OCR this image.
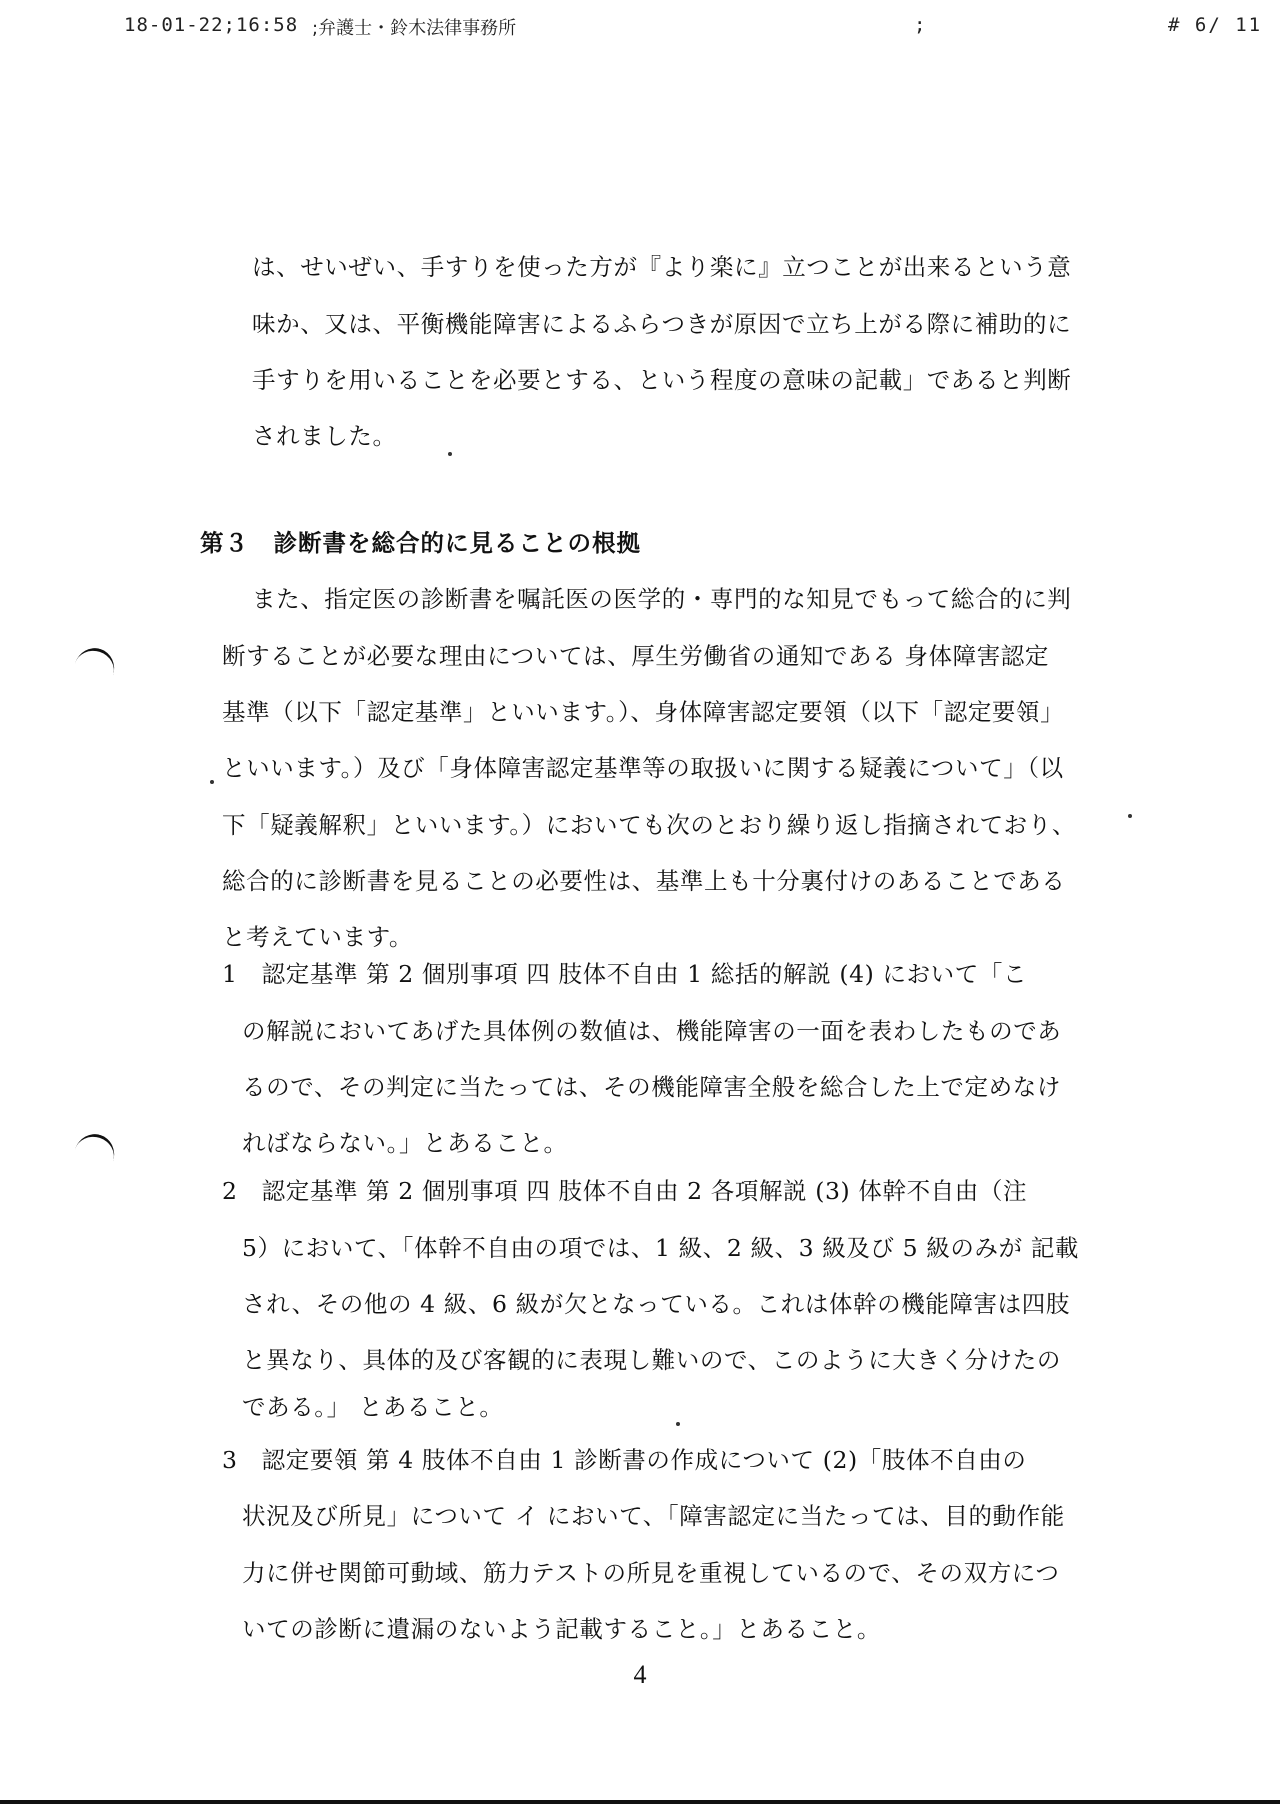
18-01-22;16:58 ;弁護士・鈴木法律事務所	;	# 6/ 11
は、せいぜい、手すりを使った方が『より楽に』立つことが出来るという意
味か、又は、平衡機能障害によるふらつきが原因で立ち上がる際に補助的に
手すりを用いることを必要とする、という程度の意味の記載」であると判断
されました。
第３　診断書を総合的に見ることの根拠
また、指定医の診断書を嘱託医の医学的・専門的な知見でもって総合的に判
断することが必要な理由については、厚生労働省の通知である 身体障害認定
基準（以下「認定基準」といいます。）、身体障害認定要領（以下「認定要領」
といいます。）及び「身体障害認定基準等の取扱いに関する疑義について」（以
下「疑義解釈」といいます。）においても次のとおり繰り返し指摘されており、
総合的に診断書を見ることの必要性は、基準上も十分裏付けのあることである
と考えています。
1　認定基準 第 2 個別事項 四 肢体不自由 1 総括的解説 (4) において「こ
の解説においてあげた具体例の数値は、機能障害の一面を表わしたものであ
るので、その判定に当たっては、その機能障害全般を総合した上で定めなけ
ればならない。」とあること。
2　認定基準 第 2 個別事項 四 肢体不自由 2 各項解説 (3) 体幹不自由（注
5）において、「体幹不自由の項では、1 級、2 級、3 級及び 5 級のみが 記載
され、その他の 4 級、6 級が欠となっている。これは体幹の機能障害は四肢
と異なり、具体的及び客観的に表現し難いので、このように大きく分けたの
である。」 とあること。
3　認定要領 第 4 肢体不自由 1 診断書の作成について (2)「肢体不自由の
状況及び所見」について イ において、「障害認定に当たっては、目的動作能
力に併せ関節可動域、筋力テストの所見を重視しているので、その双方につ
いての診断に遺漏のないよう記載すること。」とあること。
4
